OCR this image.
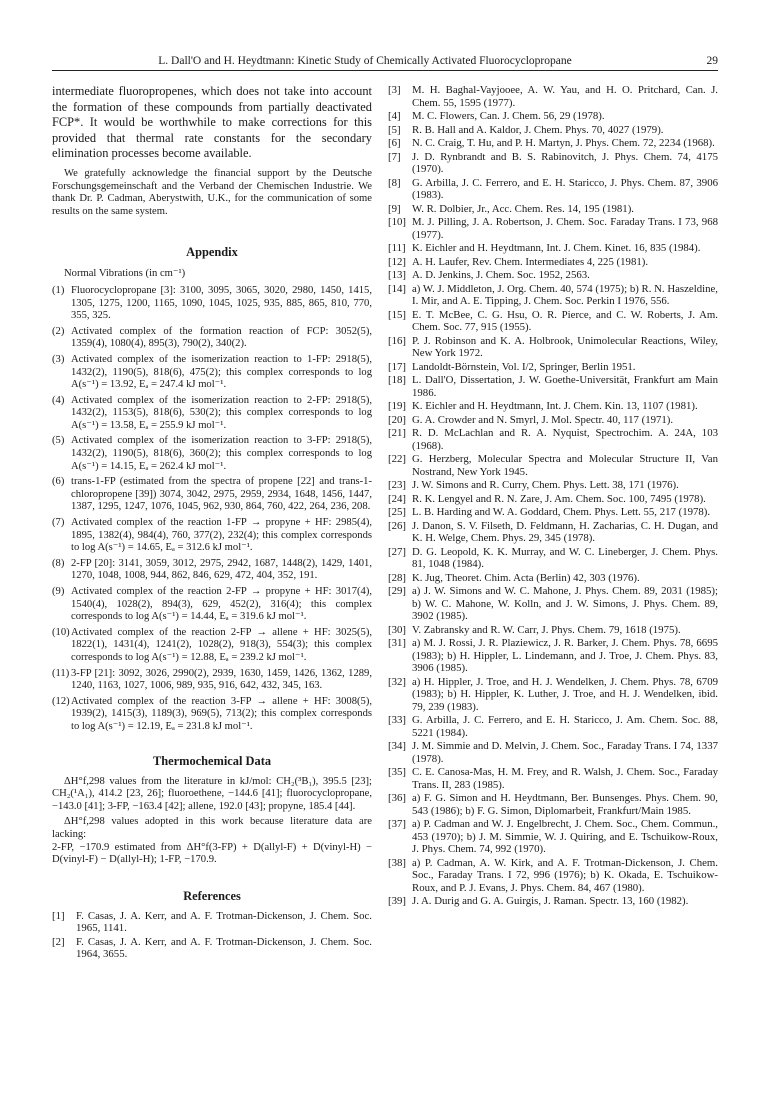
L. Dall'O and H. Heydtmann: Kinetic Study of Chemically Activated Fluorocyclopropane	29

intermediate fluoropropenes, which does not take into account the formation of these compounds from partially deactivated FCP*. It would be worthwhile to make corrections for this provided that thermal rate constants for the secondary elimination processes become available.

We gratefully acknowledge the financial support by the Deutsche Forschungsgemeinschaft and the Verband der Chemischen Industrie. We thank Dr. P. Cadman, Aberystwith, U.K., for the communication of some results on the same system.

Appendix

Normal Vibrations (in cm⁻¹)

(1) Fluorocyclopropane [3]: 3100, 3095, 3065, 3020, 2980, 1450, 1415, 1305, 1275, 1200, 1165, 1090, 1045, 1025, 935, 885, 865, 810, 770, 355, 325.
(2) Activated complex of the formation reaction of FCP: 3052(5), 1359(4), 1080(4), 895(3), 790(2), 340(2).
(3) Activated complex of the isomerization reaction to 1-FP: 2918(5), 1432(2), 1190(5), 818(6), 475(2); this complex corresponds to log A(s⁻¹) = 13.92, Eₐ = 247.4 kJ mol⁻¹.
(4) Activated complex of the isomerization reaction to 2-FP: 2918(5), 1432(2), 1153(5), 818(6), 530(2); this complex corresponds to log A(s⁻¹) = 13.58, Eₐ = 255.9 kJ mol⁻¹.
(5) Activated complex of the isomerization reaction to 3-FP: 2918(5), 1432(2), 1190(5), 818(6), 360(2); this complex corresponds to log A(s⁻¹) = 14.15, Eₐ = 262.4 kJ mol⁻¹.
(6) trans-1-FP (estimated from the spectra of propene [22] and trans-1-chloropropene [39]) 3074, 3042, 2975, 2959, 2934, 1648, 1456, 1447, 1387, 1295, 1247, 1076, 1045, 962, 930, 864, 760, 422, 264, 236, 208.
(7) Activated complex of the reaction 1-FP → propyne + HF: 2985(4), 1895, 1382(4), 984(4), 760, 377(2), 232(4); this complex corresponds to log A(s⁻¹) = 14.65, Eₐ = 312.6 kJ mol⁻¹.
(8) 2-FP [20]: 3141, 3059, 3012, 2975, 2942, 1687, 1448(2), 1429, 1401, 1270, 1048, 1008, 944, 862, 846, 629, 472, 404, 352, 191.
(9) Activated complex of the reaction 2-FP → propyne + HF: 3017(4), 1540(4), 1028(2), 894(3), 629, 452(2), 316(4); this complex corresponds to log A(s⁻¹) = 14.44, Eₐ = 319.6 kJ mol⁻¹.
(10) Activated complex of the reaction 2-FP → allene + HF: 3025(5), 1822(1), 1431(4), 1241(2), 1028(2), 918(3), 554(3); this complex corresponds to log A(s⁻¹) = 12.88, Eₐ = 239.2 kJ mol⁻¹.
(11) 3-FP [21]: 3092, 3026, 2990(2), 2939, 1630, 1459, 1426, 1362, 1289, 1240, 1163, 1027, 1006, 989, 935, 916, 642, 432, 345, 163.
(12) Activated complex of the reaction 3-FP → allene + HF: 3008(5), 1939(2), 1415(3), 1189(3), 969(5), 713(2); this complex corresponds to log A(s⁻¹) = 12.19, Eₐ = 231.8 kJ mol⁻¹.
Thermochemical Data

ΔH°f,298 values from the literature in kJ/mol: CH₂(³B₁), 395.5 [23]; CH₂(¹A₁), 414.2 [23, 26]; fluoroethene, −144.6 [41]; fluorocyclopropane, −143.0 [41]; 3-FP, −163.4 [42]; allene, 192.0 [43]; propyne, 185.4 [44].

ΔH°f,298 values adopted in this work because literature data are lacking:

2-FP, −170.9 estimated from ΔH°f(3-FP) + D(allyl-F) + D(vinyl-H) − D(vinyl-F) − D(allyl-H); 1-FP, −170.9.

References
[1] F. Casas, J. A. Kerr, and A. F. Trotman-Dickenson, J. Chem. Soc. 1965, 1141.
[2] F. Casas, J. A. Kerr, and A. F. Trotman-Dickenson, J. Chem. Soc. 1964, 3655.
[3] M. H. Baghal-Vayjooee, A. W. Yau, and H. O. Pritchard, Can. J. Chem. 55, 1595 (1977).
[4] M. C. Flowers, Can. J. Chem. 56, 29 (1978).
[5] R. B. Hall and A. Kaldor, J. Chem. Phys. 70, 4027 (1979).
[6] N. C. Craig, T. Hu, and P. H. Martyn, J. Phys. Chem. 72, 2234 (1968).
[7] J. D. Rynbrandt and B. S. Rabinovitch, J. Phys. Chem. 74, 4175 (1970).
[8] G. Arbilla, J. C. Ferrero, and E. H. Staricco, J. Phys. Chem. 87, 3906 (1983).
[9] W. R. Dolbier, Jr., Acc. Chem. Res. 14, 195 (1981).
[10] M. J. Pilling, J. A. Robertson, J. Chem. Soc. Faraday Trans. I 73, 968 (1977).
[11] K. Eichler and H. Heydtmann, Int. J. Chem. Kinet. 16, 835 (1984).
[12] A. H. Laufer, Rev. Chem. Intermediates 4, 225 (1981).
[13] A. D. Jenkins, J. Chem. Soc. 1952, 2563.
[14] a) W. J. Middleton, J. Org. Chem. 40, 574 (1975); b) R. N. Haszeldine, I. Mir, and A. E. Tipping, J. Chem. Soc. Perkin I 1976, 556.
[15] E. T. McBee, C. G. Hsu, O. R. Pierce, and C. W. Roberts, J. Am. Chem. Soc. 77, 915 (1955).
[16] P. J. Robinson and K. A. Holbrook, Unimolecular Reactions, Wiley, New York 1972.
[17] Landoldt-Börnstein, Vol. I/2, Springer, Berlin 1951.
[18] L. Dall'O, Dissertation, J. W. Goethe-Universität, Frankfurt am Main 1986.
[19] K. Eichler and H. Heydtmann, Int. J. Chem. Kin. 13, 1107 (1981).
[20] G. A. Crowder and N. Smyrl, J. Mol. Spectr. 40, 117 (1971).
[21] R. D. McLachlan and R. A. Nyquist, Spectrochim. A. 24A, 103 (1968).
[22] G. Herzberg, Molecular Spectra and Molecular Structure II, Van Nostrand, New York 1945.
[23] J. W. Simons and R. Curry, Chem. Phys. Lett. 38, 171 (1976).
[24] R. K. Lengyel and R. N. Zare, J. Am. Chem. Soc. 100, 7495 (1978).
[25] L. B. Harding and W. A. Goddard, Chem. Phys. Lett. 55, 217 (1978).
[26] J. Danon, S. V. Filseth, D. Feldmann, H. Zacharias, C. H. Dugan, and K. H. Welge, Chem. Phys. 29, 345 (1978).
[27] D. G. Leopold, K. K. Murray, and W. C. Lineberger, J. Chem. Phys. 81, 1048 (1984).
[28] K. Jug, Theoret. Chim. Acta (Berlin) 42, 303 (1976).
[29] a) J. W. Simons and W. C. Mahone, J. Phys. Chem. 89, 2031 (1985); b) W. C. Mahone, W. Kolln, and J. W. Simons, J. Phys. Chem. 89, 3902 (1985).
[30] V. Zabransky and R. W. Carr, J. Phys. Chem. 79, 1618 (1975).
[31] a) M. J. Rossi, J. R. Plaziewicz, J. R. Barker, J. Chem. Phys. 78, 6695 (1983); b) H. Hippler, L. Lindemann, and J. Troe, J. Chem. Phys. 83, 3906 (1985).
[32] a) H. Hippler, J. Troe, and H. J. Wendelken, J. Chem. Phys. 78, 6709 (1983); b) H. Hippler, K. Luther, J. Troe, and H. J. Wendelken, ibid. 79, 239 (1983).
[33] G. Arbilla, J. C. Ferrero, and E. H. Staricco, J. Am. Chem. Soc. 88, 5221 (1984).
[34] J. M. Simmie and D. Melvin, J. Chem. Soc., Faraday Trans. I 74, 1337 (1978).
[35] C. E. Canosa-Mas, H. M. Frey, and R. Walsh, J. Chem. Soc., Faraday Trans. II, 283 (1985).
[36] a) F. G. Simon and H. Heydtmann, Ber. Bunsenges. Phys. Chem. 90, 543 (1986); b) F. G. Simon, Diplomarbeit, Frankfurt/Main 1985.
[37] a) P. Cadman and W. J. Engelbrecht, J. Chem. Soc., Chem. Commun., 453 (1970); b) J. M. Simmie, W. J. Quiring, and E. Tschuikow-Roux, J. Phys. Chem. 74, 992 (1970).
[38] a) P. Cadman, A. W. Kirk, and A. F. Trotman-Dickenson, J. Chem. Soc., Faraday Trans. I 72, 996 (1976); b) K. Okada, E. Tschuikow-Roux, and P. J. Evans, J. Phys. Chem. 84, 467 (1980).
[39] J. A. Durig and G. A. Guirgis, J. Raman. Spectr. 13, 160 (1982).
